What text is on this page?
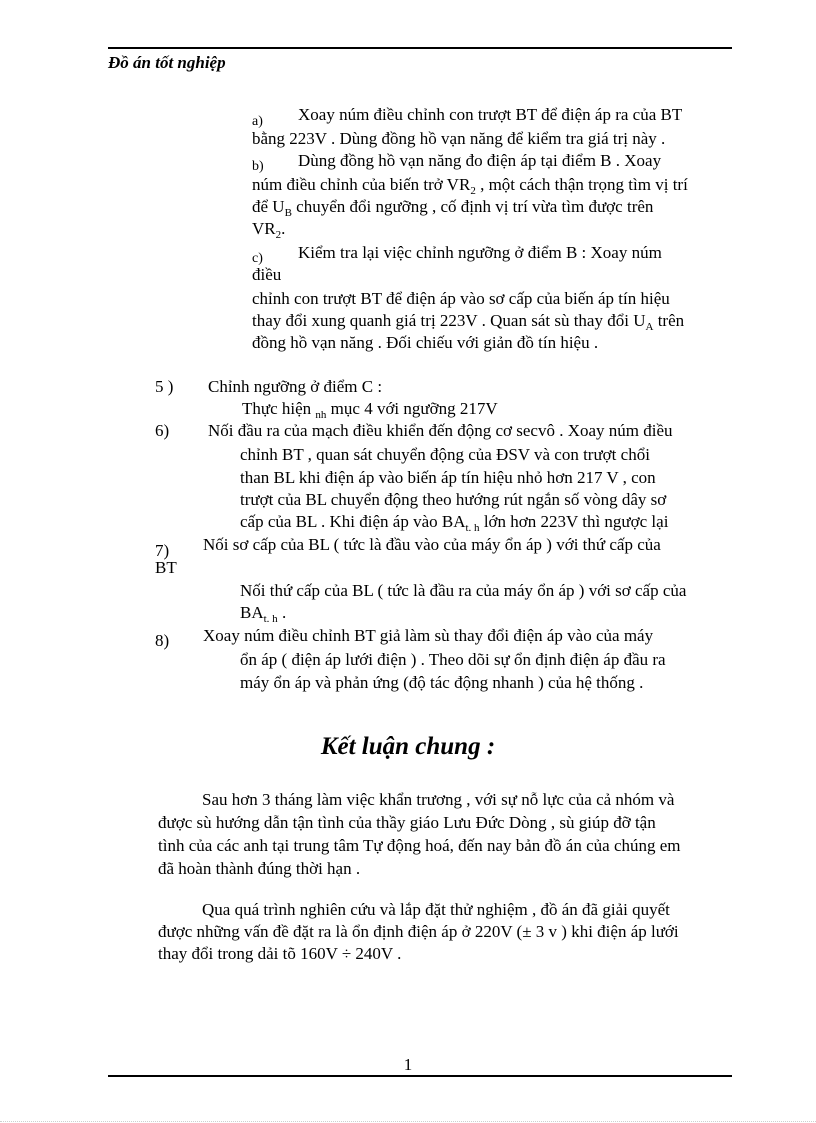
Đồ án tốt nghiệp
a) Xoay núm điều chỉnh con trượt BT để điện áp ra của BT
bằng 223V . Dùng đồng hồ vạn năng để kiểm tra giá trị này .
b) Dùng đồng hồ vạn năng đo điện áp tại điểm B . Xoay
núm điều chỉnh của biến trở $VR_2$ , một cách thận trọng tìm vị trí
để $U_B$ chuyển đổi ngưỡng , cố định vị trí vừa tìm được trên
$VR_2$.
c) Kiểm tra lại việc chỉnh ngưỡng ở điểm B : Xoay núm
điều
chỉnh con trượt BT để điện áp vào sơ cấp của biến áp tín hiệu
thay đổi xung quanh giá trị 223V . Quan sát sù thay đổi $U_A$ trên
đồng hồ vạn năng . Đối chiếu với giản đồ tín hiệu .
5 ) Chỉnh ngưỡng ở điểm C :
Thực hiện $_{nh}$ mục 4 với ngưỡng 217V
6) Nối đầu ra của mạch điều khiển đến động cơ secvô . Xoay núm điều
chỉnh BT , quan sát chuyển động của ĐSV và con trượt chổi
than BL khi điện áp vào biến áp tín hiệu nhỏ hơn 217 V , con
trượt của BL chuyển động theo hướng rút ngắn số vòng dây sơ
cấp của BL . Khi điện áp vào $BA_{t. h}$ lớn hơn 223V thì ngược lại
7) Nối sơ cấp của BL ( tức là đầu vào của máy ổn áp ) với thứ cấp của
BT
Nối thứ cấp của BL ( tức là đầu ra của máy ổn áp ) với sơ cấp của
$BA_{t. h}$ .
8) Xoay núm điều chỉnh BT giả làm sù thay đổi điện áp vào của máy
ổn áp ( điện áp lưới điện ) . Theo dõi sự ổn định điện áp đầu ra
máy ổn áp và phản ứng (độ tác động nhanh ) của hệ thống .
Kết luận chung :
Sau hơn 3 tháng làm việc khẩn trương , với sự nỗ lực của cả nhóm và
được sù hướng dẫn tận tình của thầy giáo Lưu Đức Dòng , sù giúp đỡ tận
tình của các anh tại trung tâm Tự động hoá, đến nay bản đồ án của chúng em
đã hoàn thành đúng thời hạn .
Qua quá trình nghiên cứu và lắp đặt thử nghiệm , đồ án đã giải quyết
được những vấn đề đặt ra là ổn định điện áp ở 220V (± 3 v ) khi điện áp lưới
thay đổi trong dải tõ 160V ÷ 240V .
1
